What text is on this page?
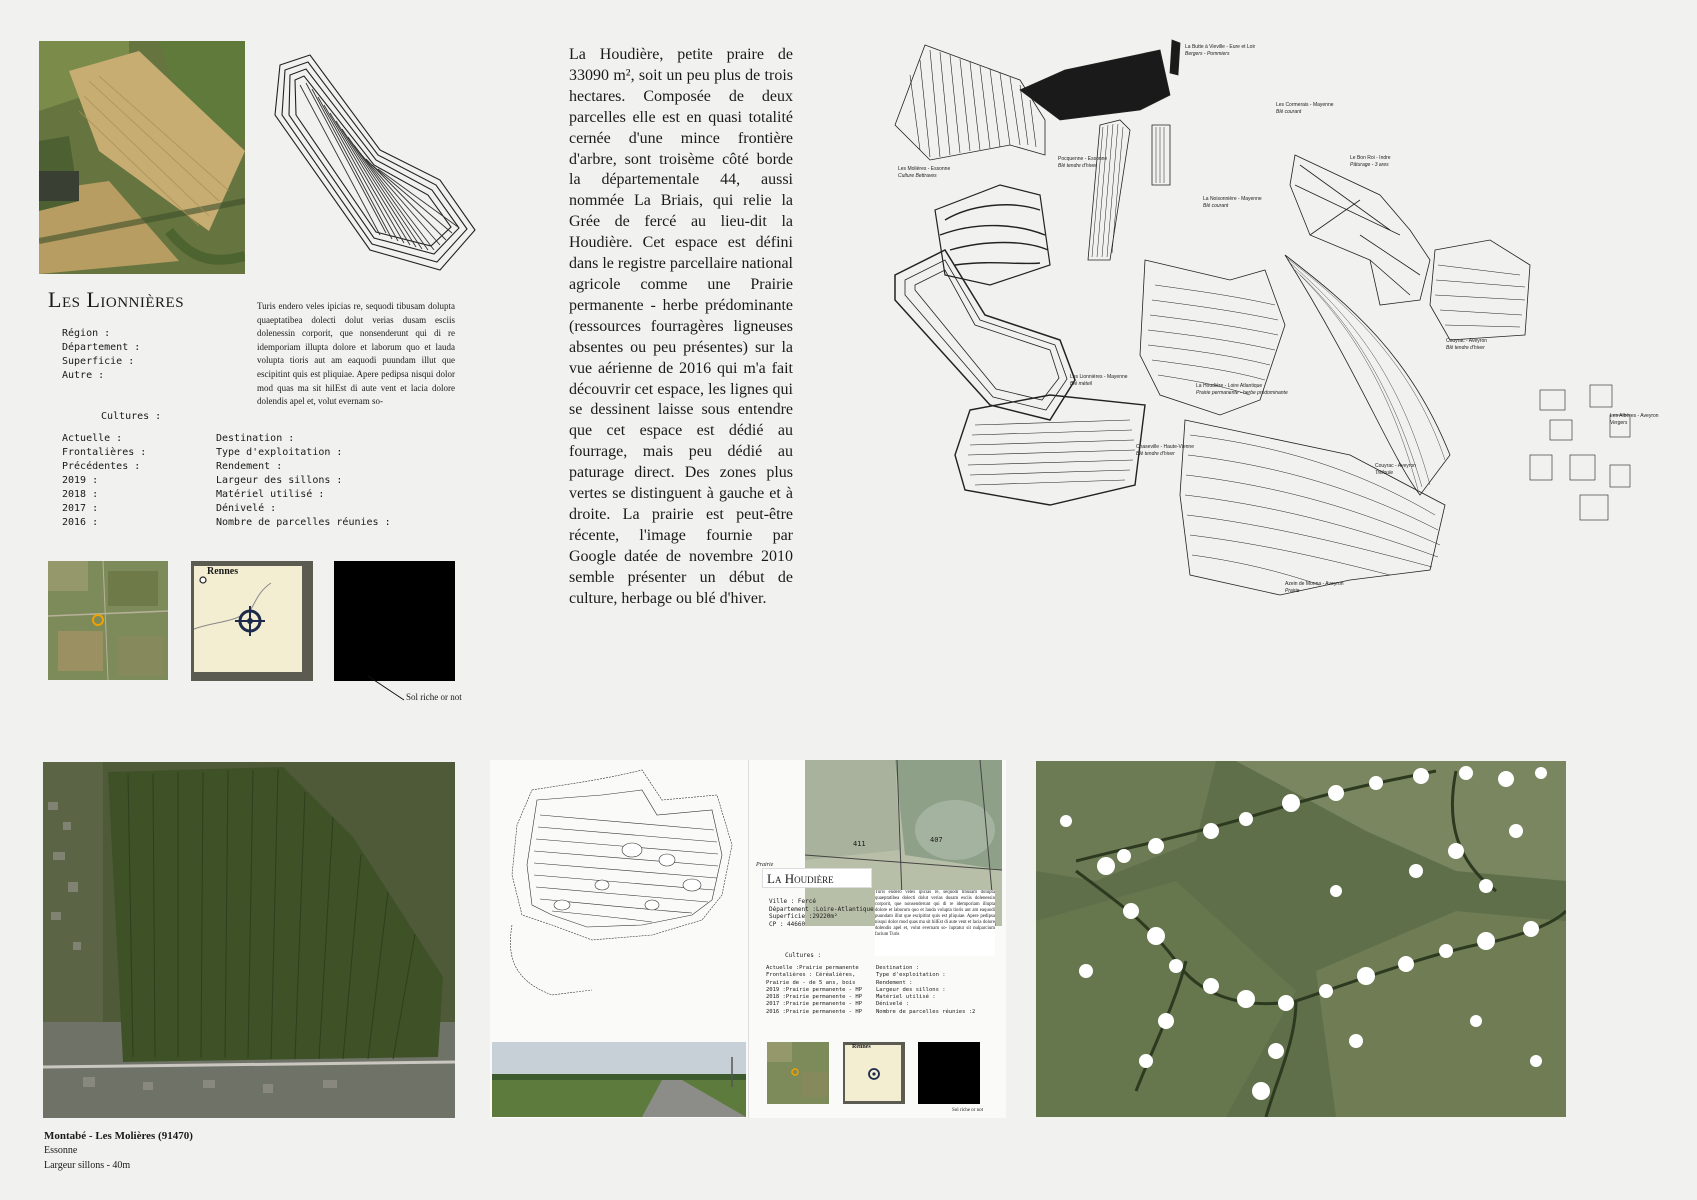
Les Lionnières
Région :
Département :
Superficie :
Autre :
Turis endero veles ipicias re, sequodi tibusam dolupta quaeptatibea dolecti dolut verias dusam esciis dolenessin corporit, que nonsenderunt qui di re idemporiam illupta dolore et laborum quo et lauda volupta tioris aut am eaquodi puundam illut que escipitint quis est pliquiae. Apere pedipsa nisqui dolor mod quas ma sit hilEst di aute vent et lacia dolore dolendis apel et, volut evernam so-
Cultures :
Actuelle :
Frontalières :
Précédentes :
2019 :
2018 :
2017 :
2016 :
Destination :
Type d'exploitation :
Rendement :
Largeur des sillons :
Matériel utilisé :
Dénivelé :
Nombre de parcelles réunies :
Rennes
Sol riche or not
La Houdière, petite praire de 33090 m², soit un peu plus de trois hectares. Composée de deux parcelles elle est en quasi totalité cernée d'une mince frontière d'arbre, sont troisème côté borde la départementale 44, aussi nommée La Briais, qui relie la Grée de fercé au lieu-dit la Houdière. Cet espace est défini dans le registre parcellaire national agricole comme une Prairie permanente - herbe prédominante (ressources fourragères ligneuses absentes ou peu présentes) sur la vue aérienne de 2016 qui m'a fait découvrir cet espace, les lignes qui se dessinent laisse sous entendre que cet espace est dédié au fourrage, mais peu dédié au paturage direct. Des zones plus vertes se distinguent à gauche et à droite. La prairie est peut-être récente, l'image fournie par Google datée de novembre 2010 semble présenter un début de culture, herbage ou blé d'hiver.
La Butte à Vieville - Eure et Loir
Bergers - Pommiers
Les Molières - Essonne
Culture Bettraves
Les Cormerais - Mayenne
Blé courant
Pocquenne - Essonne
Blé tendre d'hiver
La Noisonnière - Mayenne
Blé courant
Le Bon Roi - Indre
Pâturage - 3 ares
Les Lionnières - Mayenne
Blé méteil	La Houdière - Loire Atlantique
Prairie permanente - herbe prédominante
Couyrac - Aveyron
Blé tendre d'hiver
Les Albères - Aveyron
Vergers
Chaseville - Haute-Vienne
Blé tendre d'hiver
Couyrac - Aveyron
Trèfoule
Azein de Monna - Aveyron
Prairie
Montabé - Les Molières (91470)
Essonne
Largeur sillons - 40m
411	407
Prairie
La Houdière
Ville : Fercé
Département :Loire-Atlantique
Superficie :29220m²
CP : 44660
Turis endero veles ipicias re, sequodi tibusam dolupta quaeptatibea dolecti dolut verias dusam esciis dolenessin corporit, que nonsenderunt qui di re idemporiam illupta dolore et laborum quo et lauda volupta tioris aut am eaquodi puundam illut que escipitint quis est pliquiae. Apere pedipsa nisqui dolor mod quas ma sit hilEst di aute vent et lacia dolore dolendis apel et, volut evernam so- luptatur sit nulparcium facium Turis
Cultures :
Actuelle :Prairie permanente
Frontalières : Céréalières,
Prairie de - de 5 ans, bois
2019 :Prairie permanente - HP
2018 :Prairie permanente - HP
2017 :Prairie permanente - HP
2016 :Prairie permanente - HP
Destination :
Type d'exploitation :
Rendement :
Largeur des sillons :
Matériel utilisé :
Dénivelé :
Nombre de parcelles réunies :2
Rennes
Sol riche or not
